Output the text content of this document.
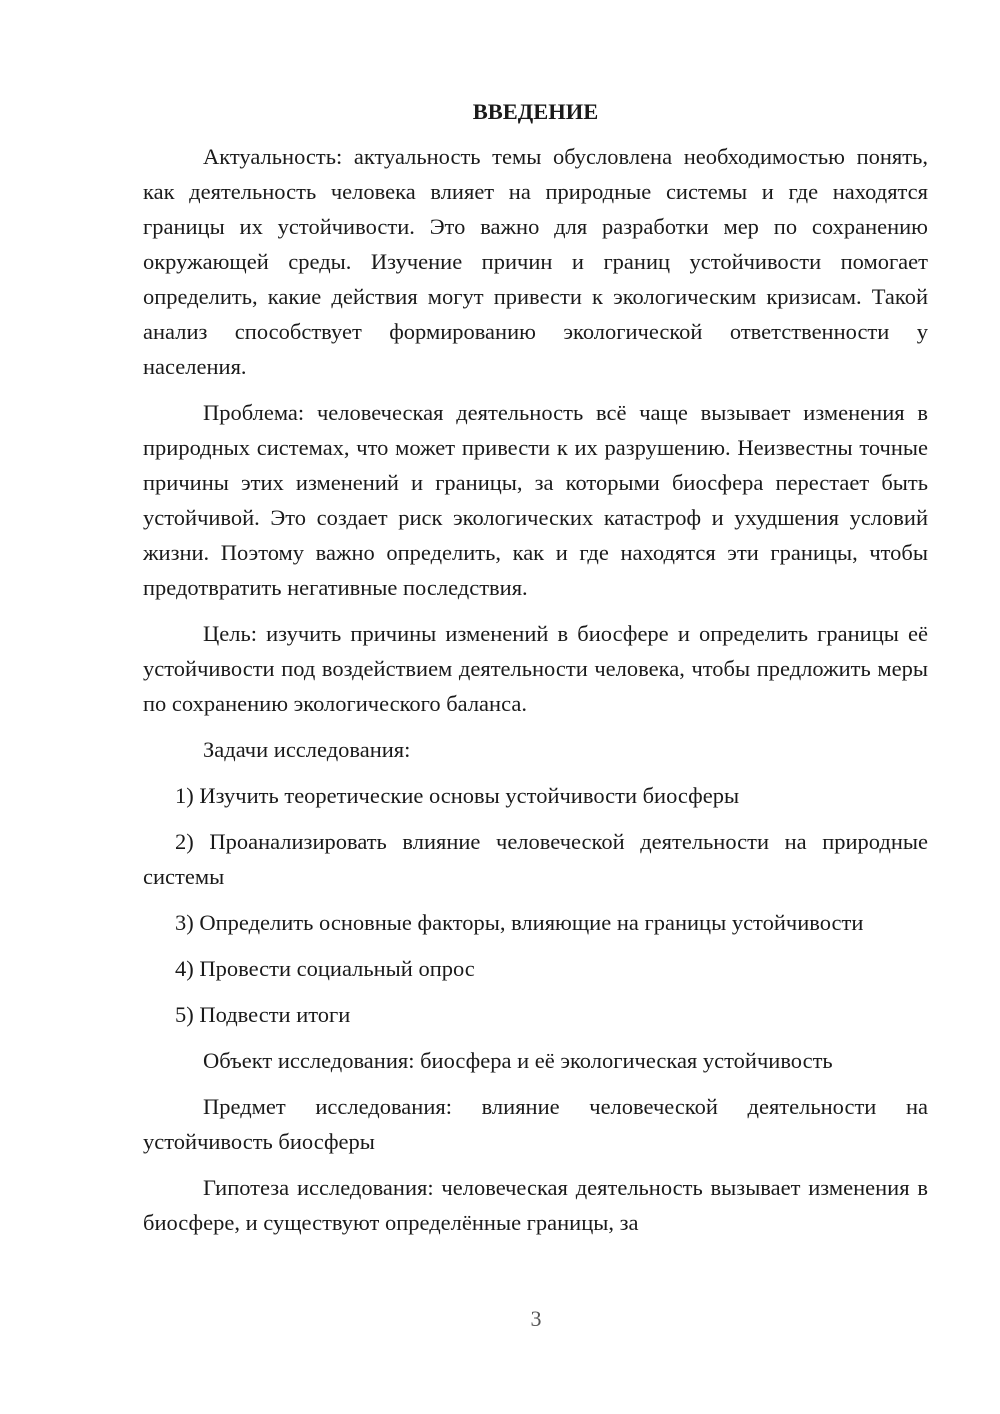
ВВЕДЕНИЕ

Актуальность: актуальность темы обусловлена необходимостью понять, как деятельность человека влияет на природные системы и где находятся границы их устойчивости. Это важно для разработки мер по сохранению окружающей среды. Изучение причин и границ устойчивости помогает определить, какие действия могут привести к экологическим кризисам. Такой анализ способствует формированию экологической ответственности у населения.

Проблема: человеческая деятельность всё чаще вызывает изменения в природных системах, что может привести к их разрушению. Неизвестны точные причины этих изменений и границы, за которыми биосфера перестает быть устойчивой. Это создает риск экологических катастроф и ухудшения условий жизни. Поэтому важно определить, как и где находятся эти границы, чтобы предотвратить негативные последствия.

Цель: изучить причины изменений в биосфере и определить границы её устойчивости под воздействием деятельности человека, чтобы предложить меры по сохранению экологического баланса.

Задачи исследования:

1) Изучить теоретические основы устойчивости биосферы

2) Проанализировать влияние человеческой деятельности на природные системы

3) Определить основные факторы, влияющие на границы устойчивости

4) Провести социальный опрос

5) Подвести итоги

Объект исследования: биосфера и её экологическая устойчивость

Предмет исследования: влияние человеческой деятельности на устойчивость биосферы

Гипотеза исследования: человеческая деятельность вызывает изменения в биосфере, и существуют определённые границы, за

3
